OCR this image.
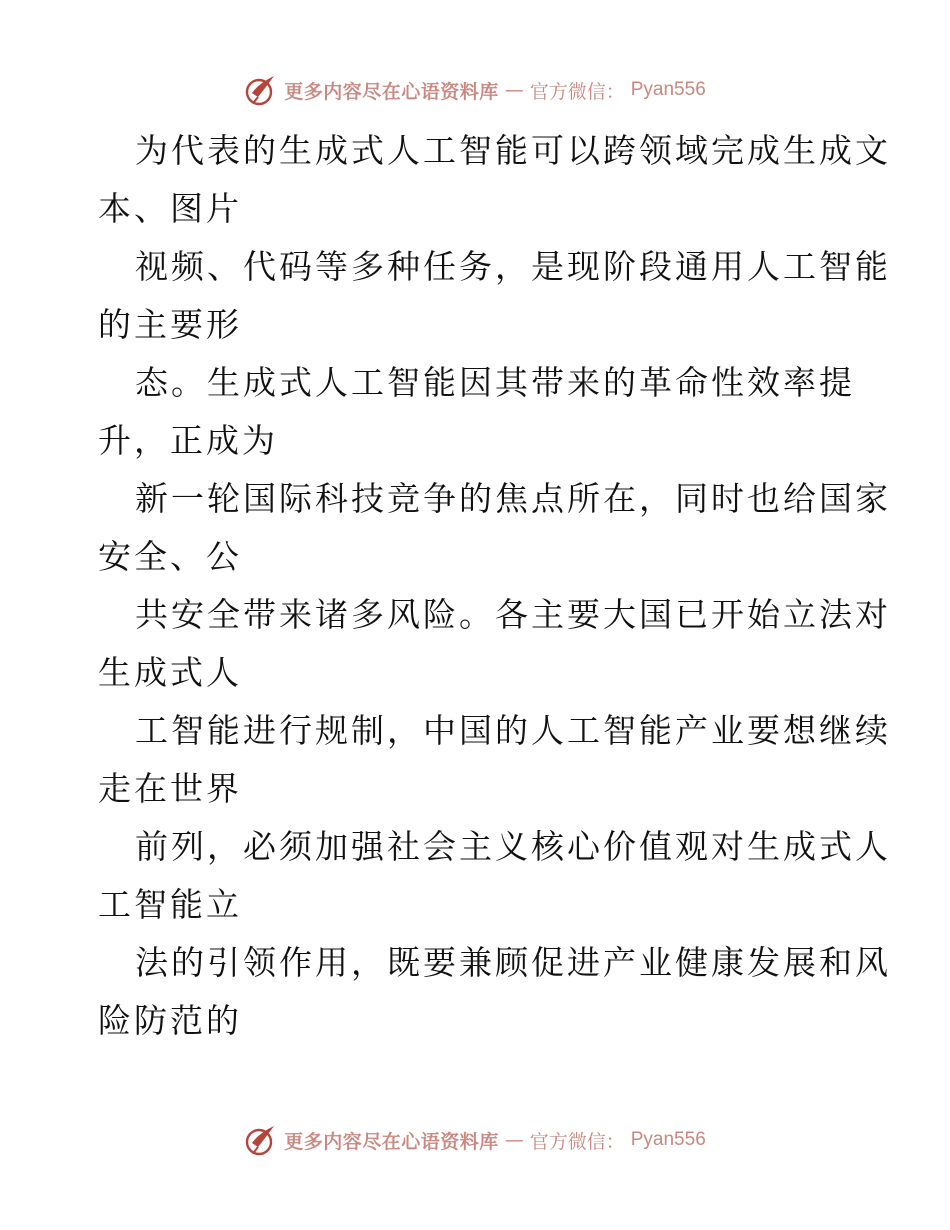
更多内容尽在心语资料库 — 官方微信： Pyan556
为代表的生成式人工智能可以跨领域完成生成文
本、图片
视频、代码等多种任务，是现阶段通用人工智能
的主要形
态。生成式人工智能因其带来的革命性效率提
升，正成为
新一轮国际科技竞争的焦点所在，同时也给国家
安全、公
共安全带来诸多风险。各主要大国已开始立法对
生成式人
工智能进行规制，中国的人工智能产业要想继续
走在世界
前列，必须加强社会主义核心价值观对生成式人
工智能立
法的引领作用，既要兼顾促进产业健康发展和风
险防范的
更多内容尽在心语资料库 — 官方微信： Pyan556
